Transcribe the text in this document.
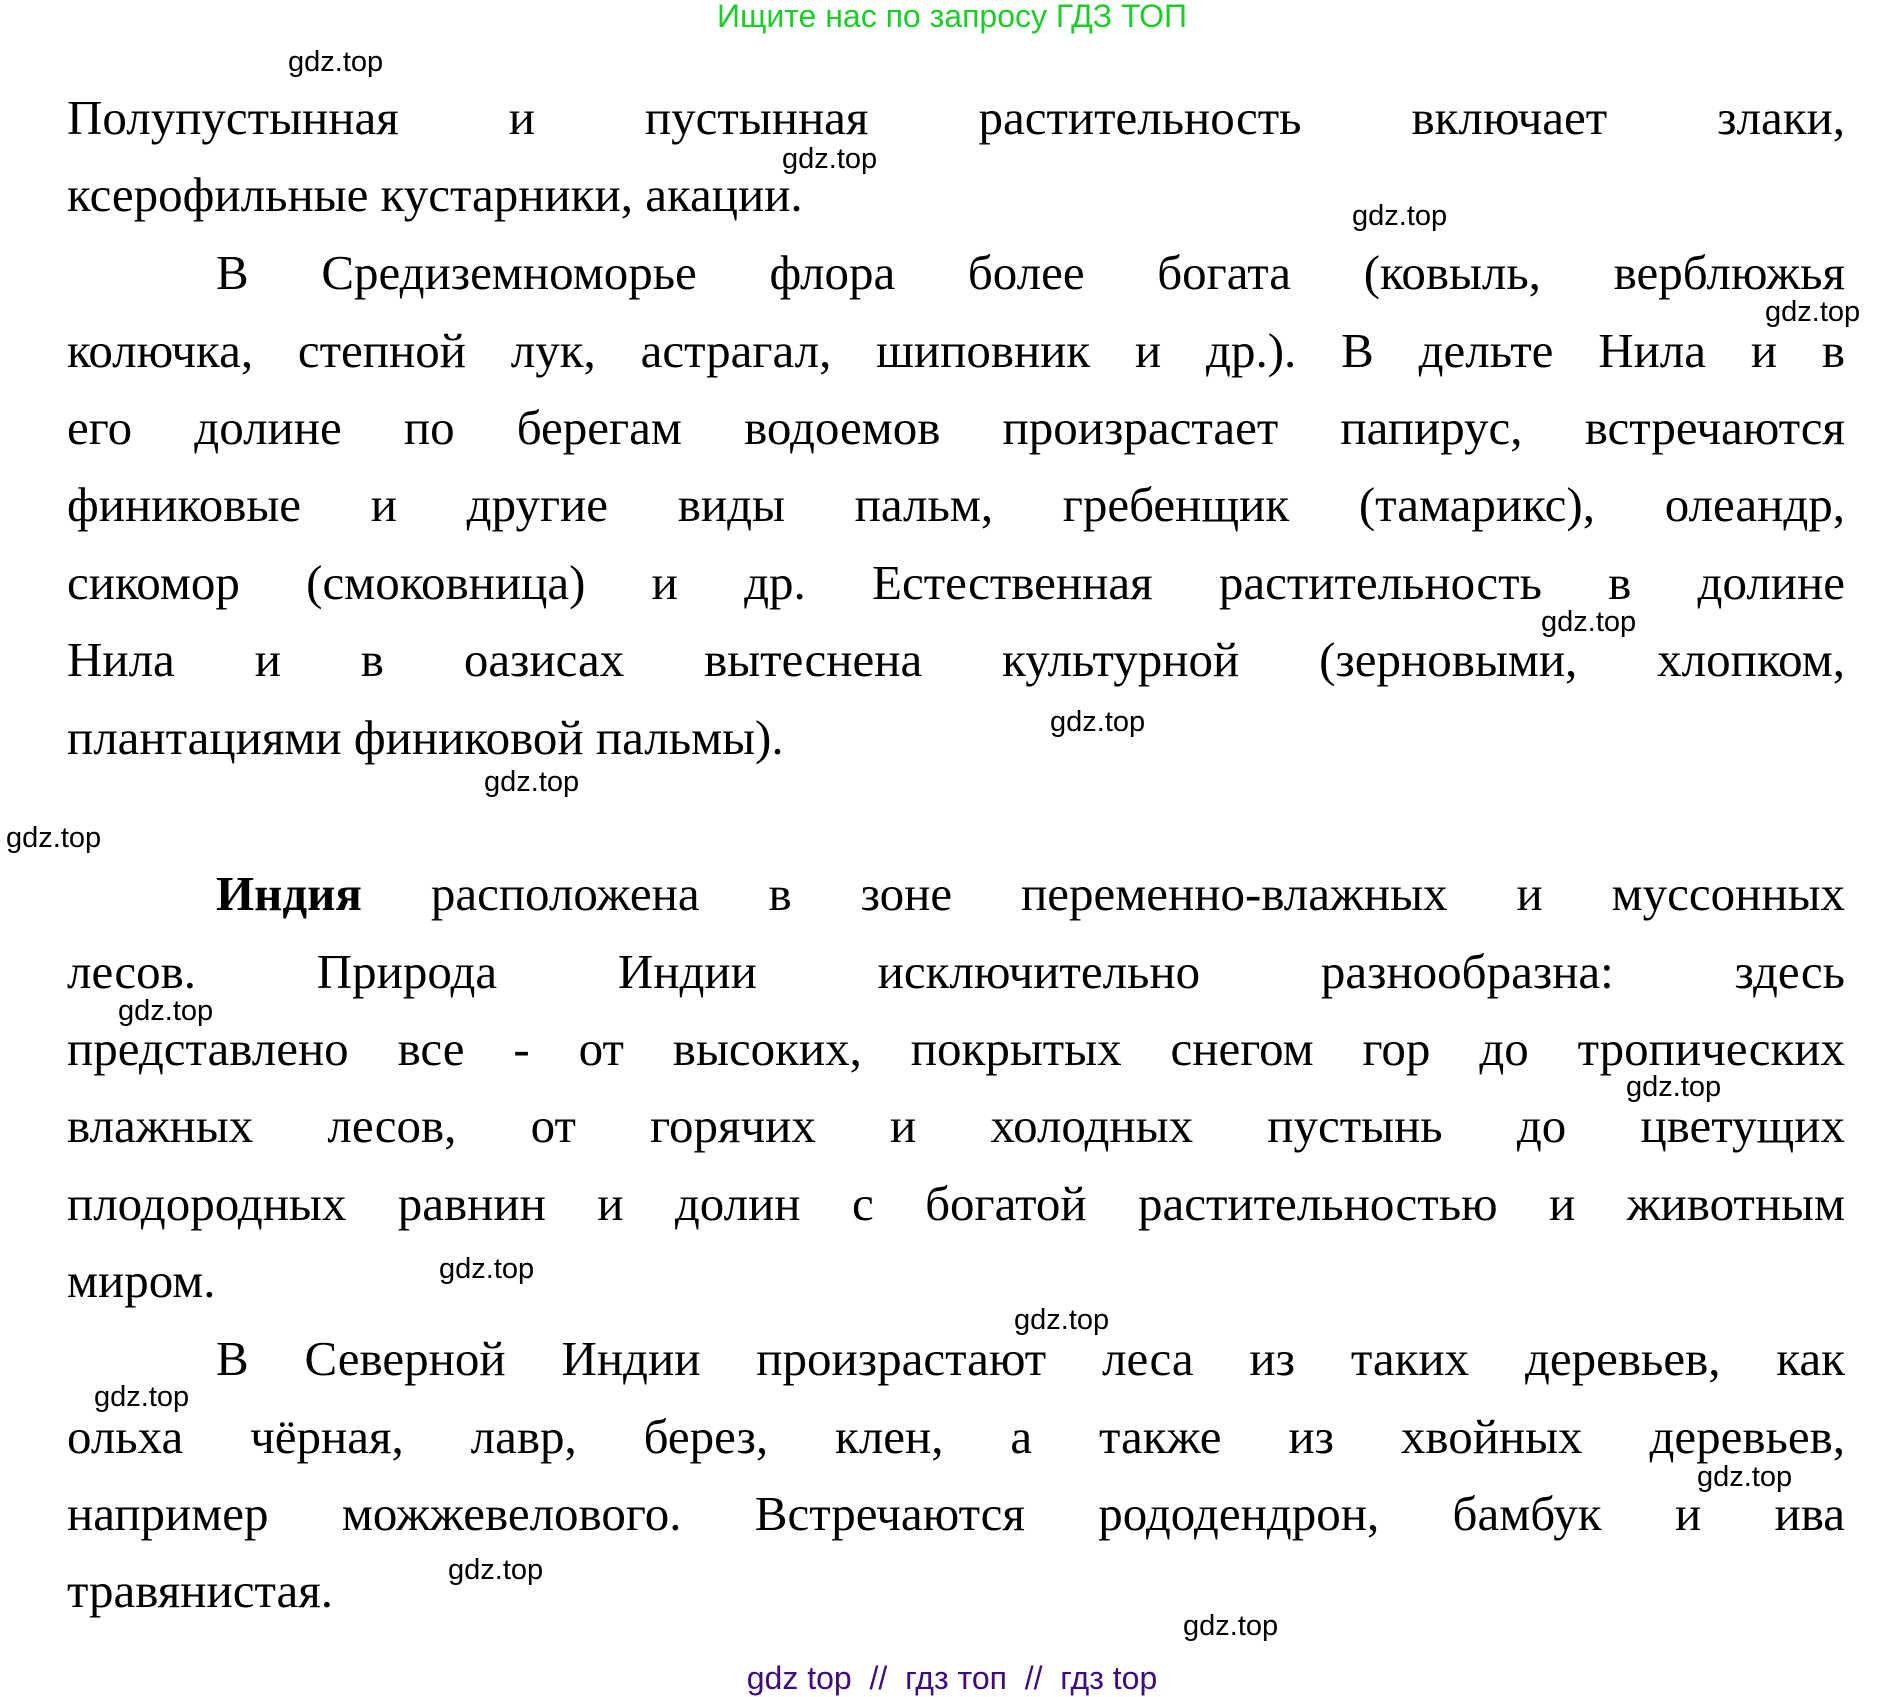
Ищите нас по запросу ГДЗ ТОП
Полупустынная и пустынная растительность включает злаки,
ксерофильные кустарники, акации.
В Средиземноморье флора более богата (ковыль, верблюжья
колючка, степной лук, астрагал, шиповник и др.). В дельте Нила и в
его долине по берегам водоемов произрастает папирус, встречаются
финиковые и другие виды пальм, гребенщик (тамарикс), олеандр,
сикомор (смоковница) и др. Естественная растительность в долине
Нила и в оазисах вытеснена культурной (зерновыми, хлопком,
плантациями финиковой пальмы).
Индия расположена в зоне переменно-влажных и муссонных
лесов. Природа Индии исключительно разнообразна: здесь
представлено все - от высоких, покрытых снегом гор до тропических
влажных лесов, от горячих и холодных пустынь до цветущих
плодородных равнин и долин с богатой растительностью и животным
миром.
В Северной Индии произрастают леса из таких деревьев, как
ольха чёрная, лавр, берез, клен, а также из хвойных деревьев,
например можжевелового. Встречаются рододендрон, бамбук и ива
травянистая.
gdz.top
gdz.top
gdz.top
gdz.top
gdz.top
gdz.top
gdz.top
gdz.top
gdz.top
gdz.top
gdz.top
gdz.top
gdz.top
gdz.top
gdz.top
gdz.top
gdz top  //  гдз топ  //  гдз top
